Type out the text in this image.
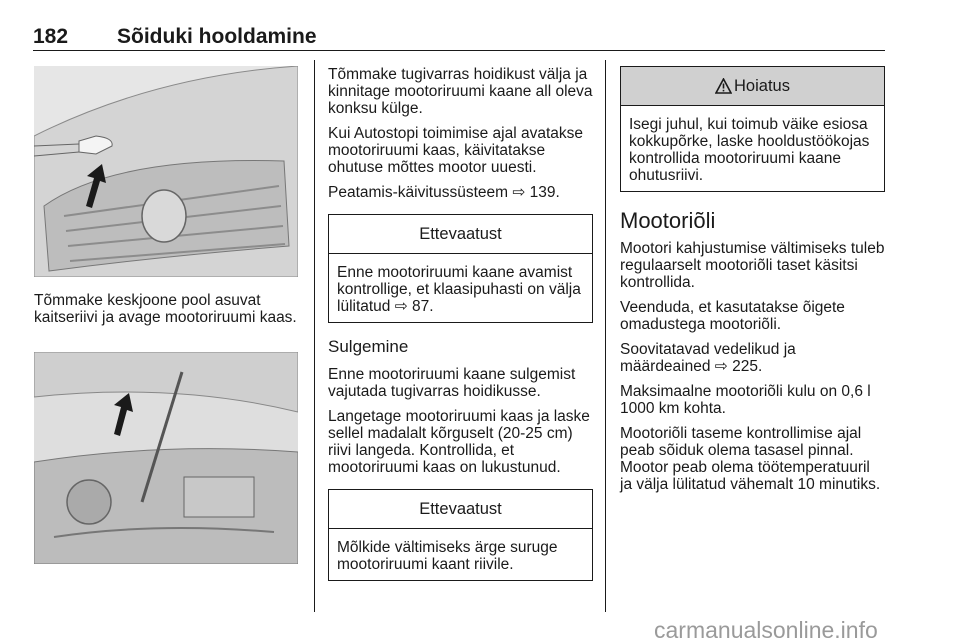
182 Sõiduki hooldamine

Tõmmake keskjoone pool asuvat kaitseriivi ja avage mootoriruumi kaas.

Tõmmake tugivarras hoidikust välja ja kinnitage mootoriruumi kaane all oleva konksu külge.

Kui Autostopi toimimise ajal avatakse mootoriruumi kaas, käivitatakse ohutuse mõttes mootor uuesti.

Peatamis-käivitussüsteem ⇨ 139.

Ettevaatust
Enne mootoriruumi kaane avamist kontrollige, et klaasipuhasti on välja lülitatud ⇨ 87.
Sulgemine

Enne mootoriruumi kaane sulgemist vajutada tugivarras hoidikusse.

Langetage mootoriruumi kaas ja laske sellel madalalt kõrguselt (20-25 cm) riivi langeda. Kontrollida, et mootoriruumi kaas on lukustunud.

Ettevaatust
Mõlkide vältimiseks ärge suruge mootoriruumi kaant riivile.
Hoiatus
Isegi juhul, kui toimub väike esiosa kokkupõrke, laske hooldustöökojas kontrollida mootoriruumi kaane ohutusriivi.
Mootoriõli

Mootori kahjustumise vältimiseks tuleb regulaarselt mootoriõli taset käsitsi kontrollida.

Veenduda, et kasutatakse õigete omadustega mootoriõli.

Soovitatavad vedelikud ja määrdeained ⇨ 225.

Maksimaalne mootoriõli kulu on 0,6 l 1000 km kohta.

Mootoriõli taseme kontrollimise ajal peab sõiduk olema tasasel pinnal. Mootor peab olema töötemperatuuril ja välja lülitatud vähemalt 10 minutiks.

carmanualsonline.info
